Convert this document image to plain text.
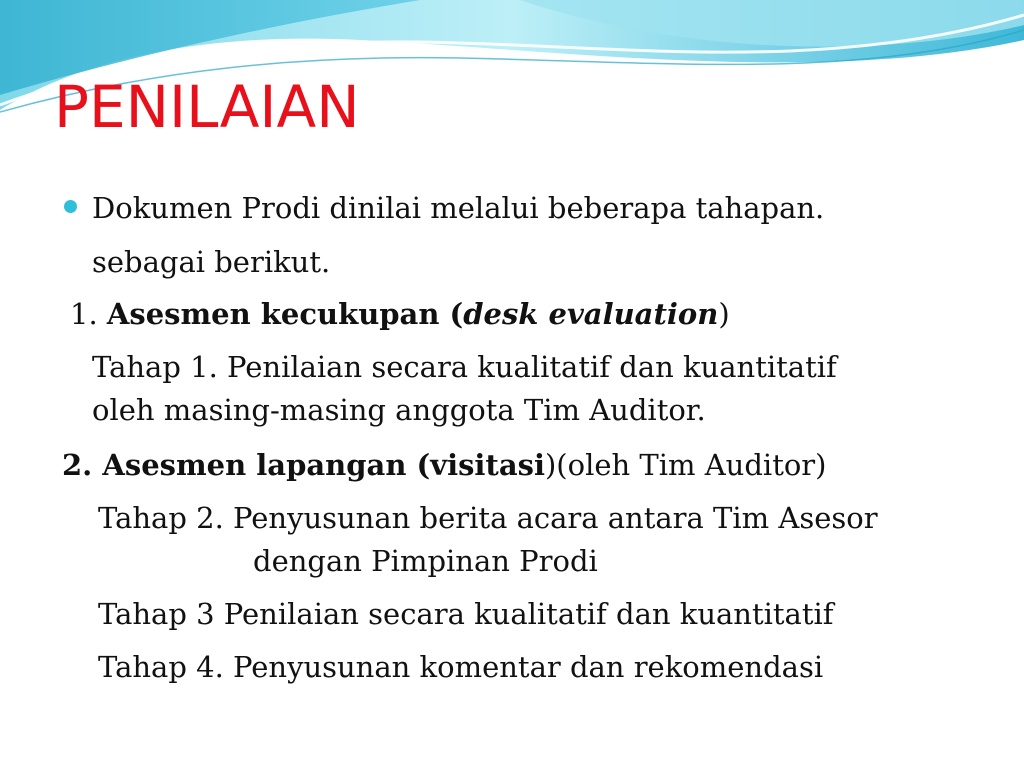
PENILAIAN
Dokumen Prodi dinilai melalui beberapa tahapan.
sebagai berikut.
1. Asesmen kecukupan (desk evaluation)
Tahap 1. Penilaian secara kualitatif dan kuantitatif
oleh masing-masing anggota Tim Auditor.
2. Asesmen lapangan (visitasi)(oleh Tim Auditor)
Tahap 2. Penyusunan berita acara antara Tim Asesor
dengan Pimpinan Prodi
Tahap 3 Penilaian secara kualitatif dan kuantitatif
Tahap 4. Penyusunan komentar dan rekomendasi
